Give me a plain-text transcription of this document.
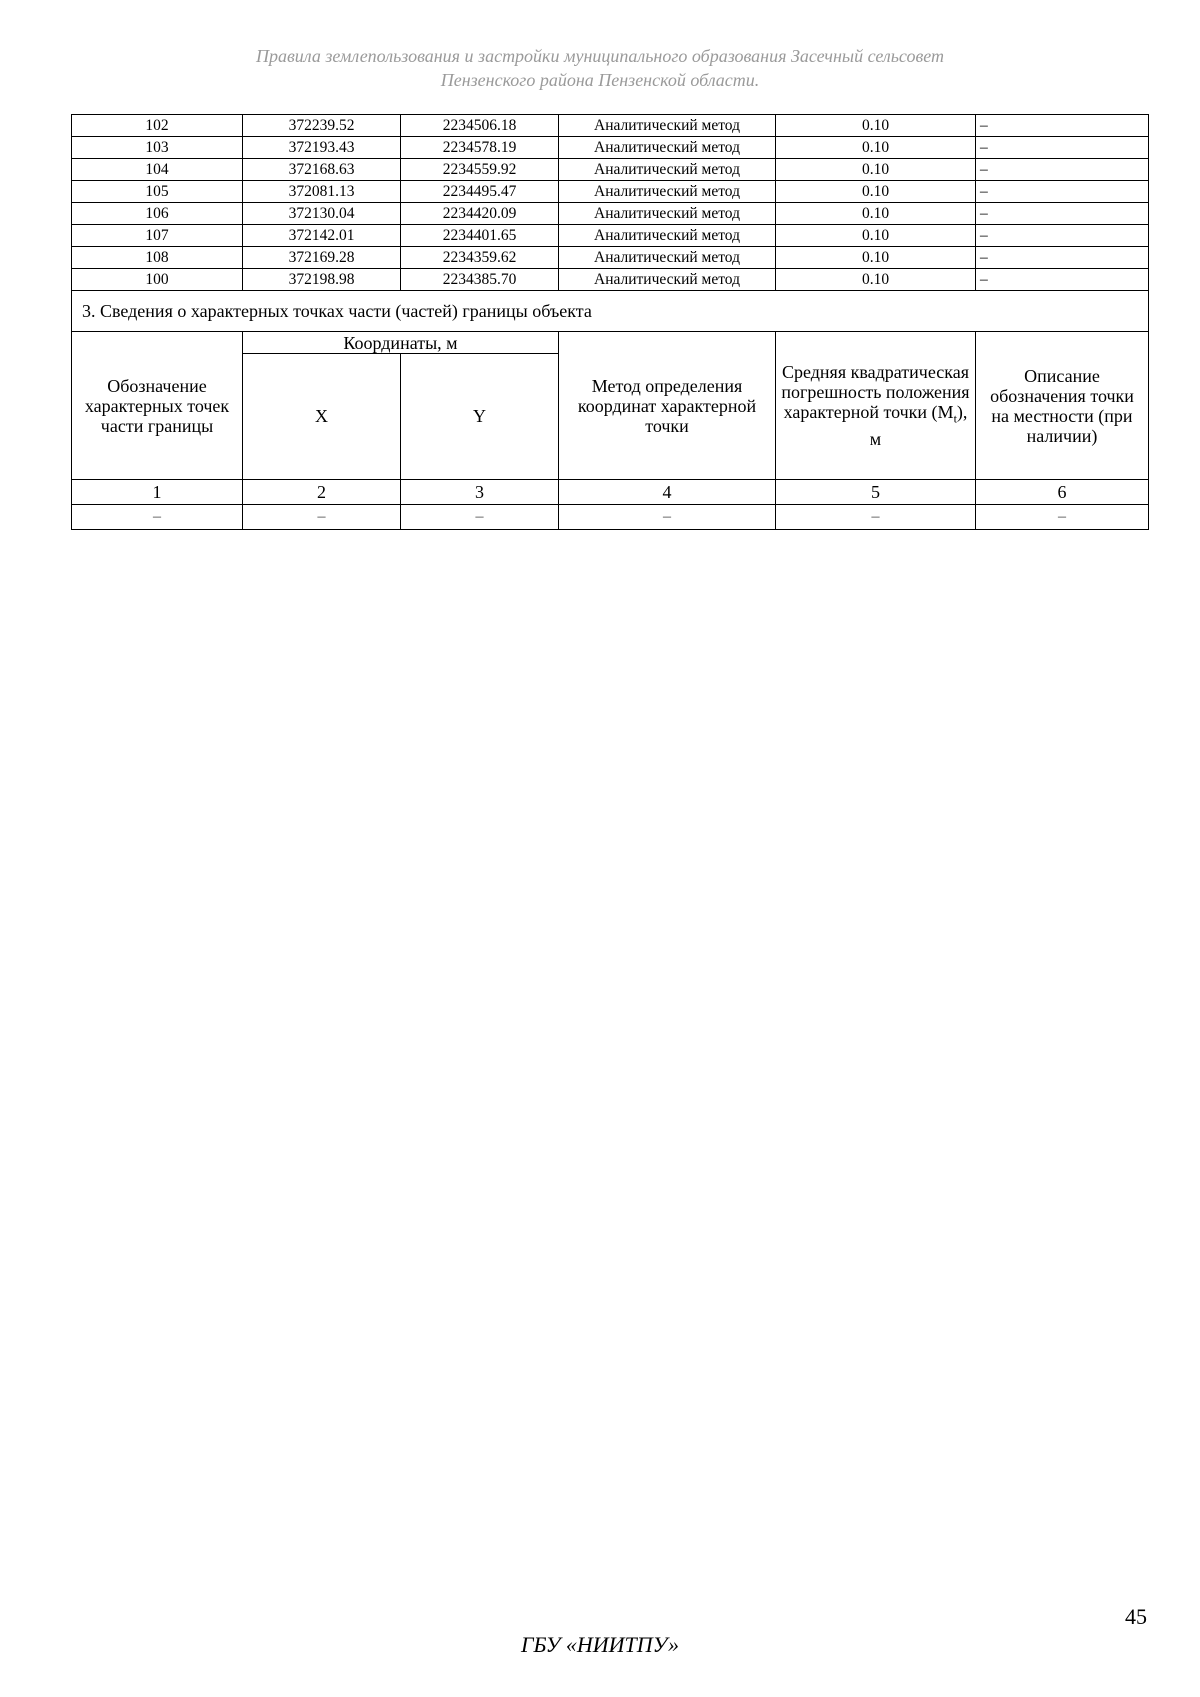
Правила землепользования и застройки муниципального образования Засечный сельсовет
Пензенского района Пензенской области.
102	372239.52	2234506.18	Аналитический метод	0.10	–
103	372193.43	2234578.19	Аналитический метод	0.10	–
104	372168.63	2234559.92	Аналитический метод	0.10	–
105	372081.13	2234495.47	Аналитический метод	0.10	–
106	372130.04	2234420.09	Аналитический метод	0.10	–
107	372142.01	2234401.65	Аналитический метод	0.10	–
108	372169.28	2234359.62	Аналитический метод	0.10	–
100	372198.98	2234385.70	Аналитический метод	0.10	–
3. Сведения о характерных точках части (частей) границы объекта					
Обозначение характерных точек части границы	Координаты, м		Метод определения координат характерной точки	Средняя квадратическая погрешность положения характерной точки $(M_t)$, м	Описание обозначения точки на местности (при наличии)
	X	Y			
1	2	3	4	5	6
–	–	–	–	–	–
45
ГБУ «НИИТПУ»
